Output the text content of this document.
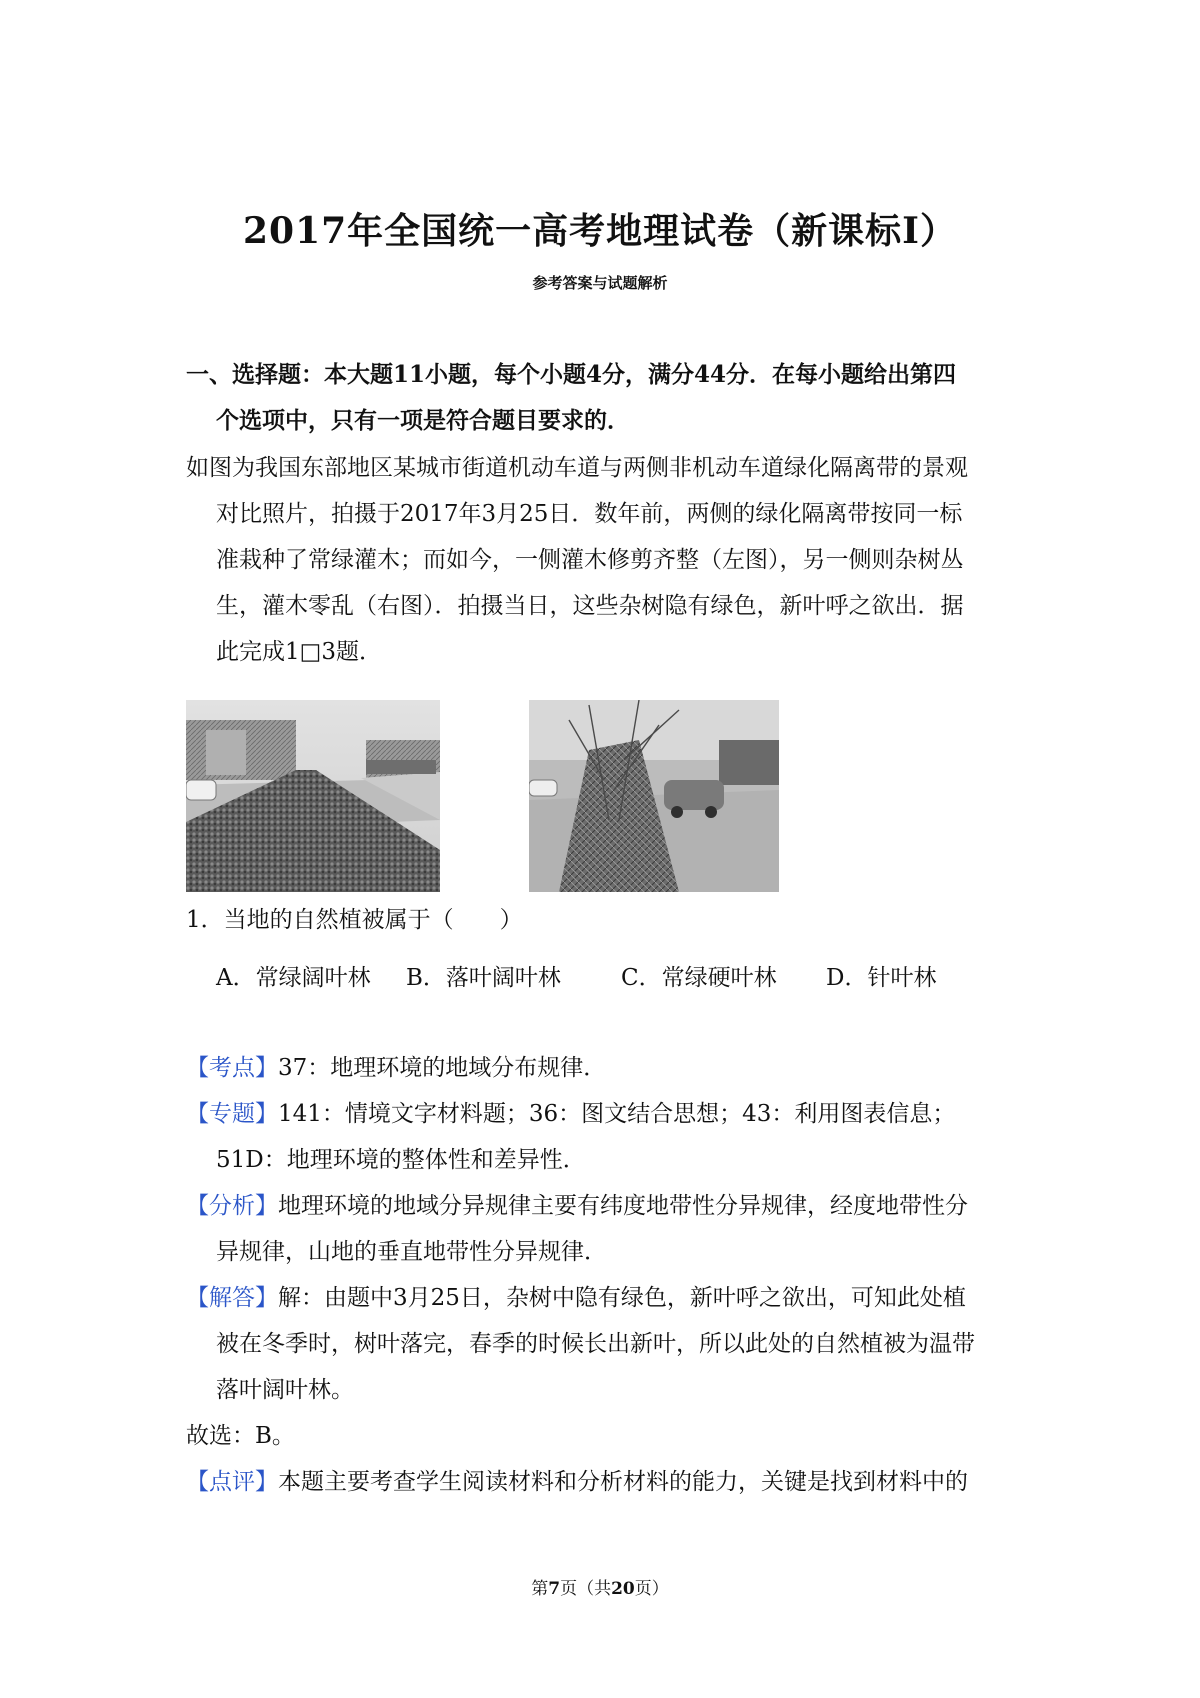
2017年全国统一高考地理试卷（新课标I）
参考答案与试题解析
一、选择题：本大题11小题，每个小题4分，满分44分．在每小题给出第四
个选项中，只有一项是符合题目要求的．
如图为我国东部地区某城市街道机动车道与两侧非机动车道绿化隔离带的景观
对比照片，拍摄于2017年3月25日．数年前，两侧的绿化隔离带按同一标
准栽种了常绿灌木；而如今，一侧灌木修剪齐整（左图），另一侧则杂树丛
生，灌木零乱（右图）．拍摄当日，这些杂树隐有绿色，新叶呼之欲出．据
此完成1□3题．
1．当地的自然植被属于（　　）
A．常绿阔叶林 B．落叶阔叶林	C．常绿硬叶林 D．针叶林
【考点】37：地理环境的地域分布规律．
【专题】141：情境文字材料题；36：图文结合思想；43：利用图表信息；
51D：地理环境的整体性和差异性．
【分析】地理环境的地域分异规律主要有纬度地带性分异规律，经度地带性分
异规律，山地的垂直地带性分异规律．
【解答】解：由题中3月25日，杂树中隐有绿色，新叶呼之欲出，可知此处植
被在冬季时，树叶落完，春季的时候长出新叶，所以此处的自然植被为温带
落叶阔叶林。
故选：B。
【点评】本题主要考查学生阅读材料和分析材料的能力，关键是找到材料中的
第7页（共20页）
